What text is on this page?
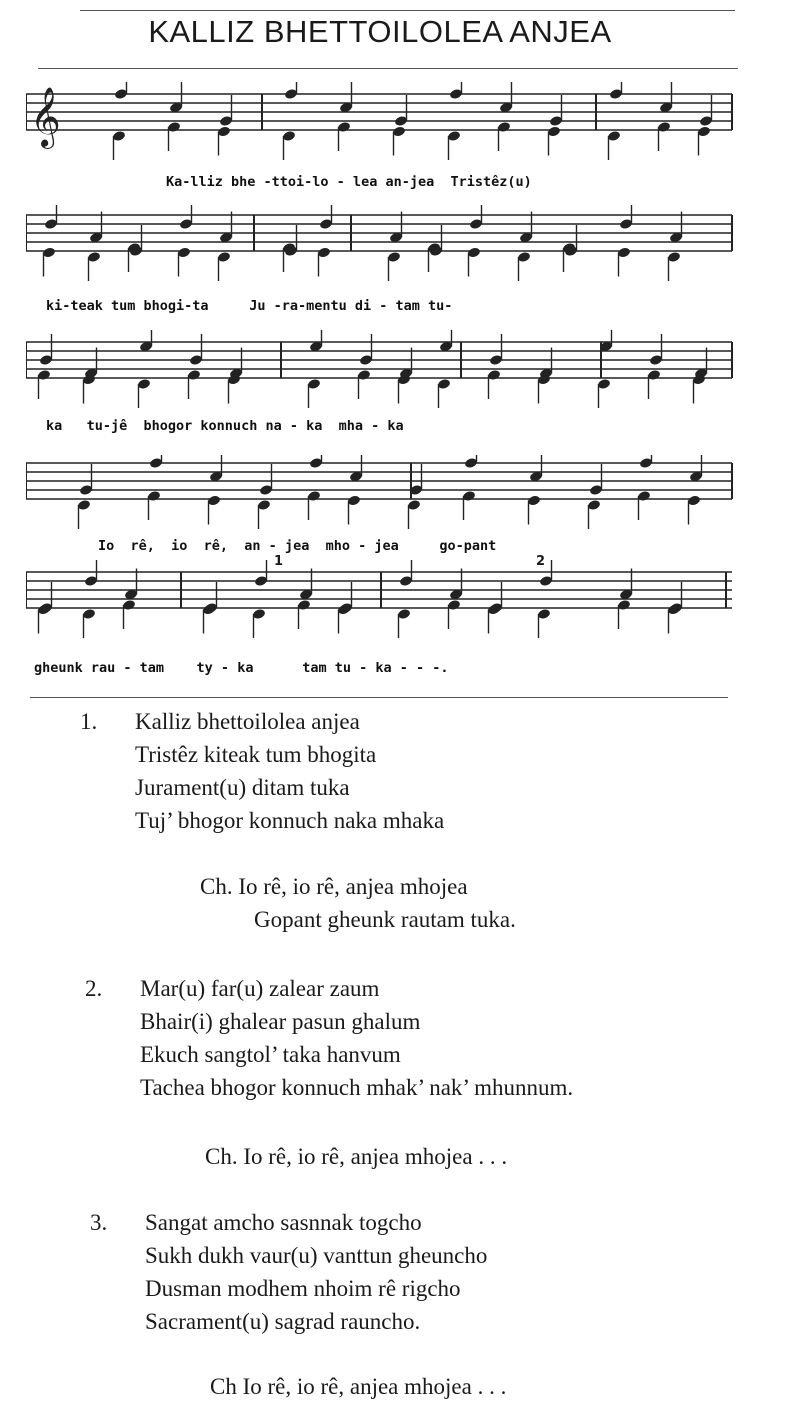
KALLIZ BHETTOILOLEA ANJEA
𝄞
Ka-lliz bhe -ttoi-lo - lea an-jea  Tristêz(u)
ki-teak tum bhogi-ta     Ju -ra-mentu di - tam tu-
ka   tu-jê  bhogor konnuch na - ka  mha - ka
Io  rê,  io  rê,  an - jea  mho - jea     go-pant
1	2
gheunk rau - tam    ty - ka      tam tu - ka - - -.
1. Kalliz bhettoilolea anjea
Tristêz kiteak tum bhogita
Jurament(u) ditam tuka
Tuj’ bhogor konnuch naka mhaka
Ch. Io rê, io rê, anjea mhojea
Gopant gheunk rautam tuka.
2. Mar(u) far(u) zalear zaum
Bhair(i) ghalear pasun ghalum
Ekuch sangtol’ taka hanvum
Tachea bhogor konnuch mhak’ nak’ mhunnum.
Ch. Io rê, io rê, anjea mhojea . . .
3. Sangat amcho sasnnak togcho
Sukh dukh vaur(u) vanttun gheuncho
Dusman modhem nhoim rê rigcho
Sacrament(u) sagrad rauncho.
Ch Io rê, io rê, anjea mhojea . . .
